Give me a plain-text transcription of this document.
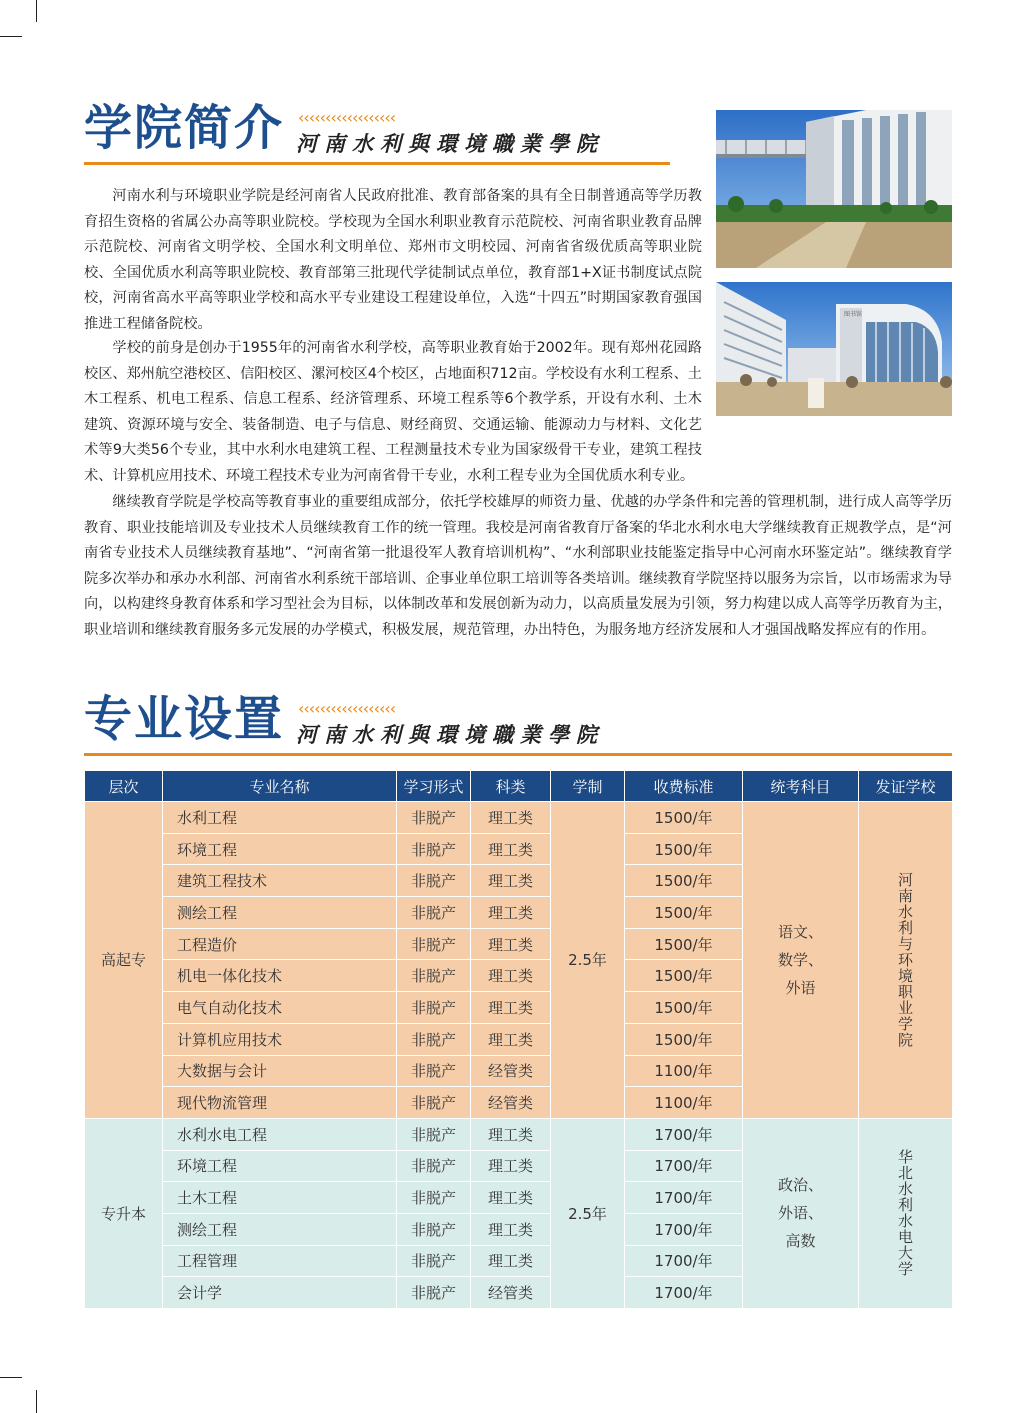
‹‹‹‹‹‹‹‹‹‹‹‹‹‹‹‹‹‹
学院简介 河南水利與環境職業學院

河南水利与环境职业学院是经河南省人民政府批准、教育部备案的具有全日制普通高等学历教育招生资格的省属公办高等职业院校。学校现为全国水利职业教育示范院校、河南省职业教育品牌示范院校、河南省文明学校、全国水利文明单位、郑州市文明校园、河南省省级优质高等职业院校、全国优质水利高等职业院校、教育部第三批现代学徒制试点单位，教育部1+X证书制度试点院校，河南省高水平高等职业学校和高水平专业建设工程建设单位，入选“十四五”时期国家教育强国推进工程储备院校。

学校的前身是创办于1955年的河南省水利学校，高等职业教育始于2002年。现有郑州花园路校区、郑州航空港校区、信阳校区、漯河校区4个校区，占地面积712亩。学校设有水利工程系、土木工程系、机电工程系、信息工程系、经济管理系、环境工程系等6个教学系，开设有水利、土木建筑、资源环境与安全、装备制造、电子与信息、财经商贸、交通运输、能源动力与材料、文化艺术等9大类56个专业，其中水利水电建筑工程、工程测量技术专业为国家级骨干专业，建筑工程技术、计算机应用技术、环境工程技术专业为河南省骨干专业，水利工程专业为全国优质水利专业。

继续教育学院是学校高等教育事业的重要组成部分，依托学校雄厚的师资力量、优越的办学条件和完善的管理机制，进行成人高等学历教育、职业技能培训及专业技术人员继续教育工作的统一管理。我校是河南省教育厅备案的华北水利水电大学继续教育正规教学点，是“河南省专业技术人员继续教育基地”、“河南省第一批退役军人教育培训机构”、“水利部职业技能鉴定指导中心河南水环鉴定站”。继续教育学院多次举办和承办水利部、河南省水利系统干部培训、企事业单位职工培训等各类培训。继续教育学院坚持以服务为宗旨，以市场需求为导向，以构建终身教育体系和学习型社会为目标，以体制改革和发展创新为动力，以高质量发展为引领，努力构建以成人高等学历教育为主，职业培训和继续教育服务多元发展的办学模式，积极发展，规范管理，办出特色，为服务地方经济发展和人才强国战略发挥应有的作用。

图书馆
‹‹‹‹‹‹‹‹‹‹‹‹‹‹‹‹‹‹
专业设置 河南水利與環境職業學院
层次	专业名称	学习形式	科类	学制	收费标准	统考科目	发证学校
高起专	水利工程	非脱产	理工类	2.5年	1500/年	语文、
数学、
外语	河南水利与环境职业学院

	环境工程	非脱产	理工类		1500/年		
	建筑工程技术	非脱产	理工类		1500/年		
	测绘工程	非脱产	理工类		1500/年		
	工程造价	非脱产	理工类		1500/年		
	机电一体化技术	非脱产	理工类		1500/年		
	电气自动化技术	非脱产	理工类		1500/年		
	计算机应用技术	非脱产	理工类		1500/年		
	大数据与会计	非脱产	经管类		1100/年		
	现代物流管理	非脱产	经管类		1100/年		
专升本	水利水电工程	非脱产	理工类	2.5年	1700/年	政治、
外语、
高数	华北水利水电大学

	环境工程	非脱产	理工类		1700/年		
	土木工程	非脱产	理工类		1700/年		
	测绘工程	非脱产	理工类		1700/年		
	工程管理	非脱产	理工类		1700/年		
	会计学	非脱产	经管类		1700/年		
